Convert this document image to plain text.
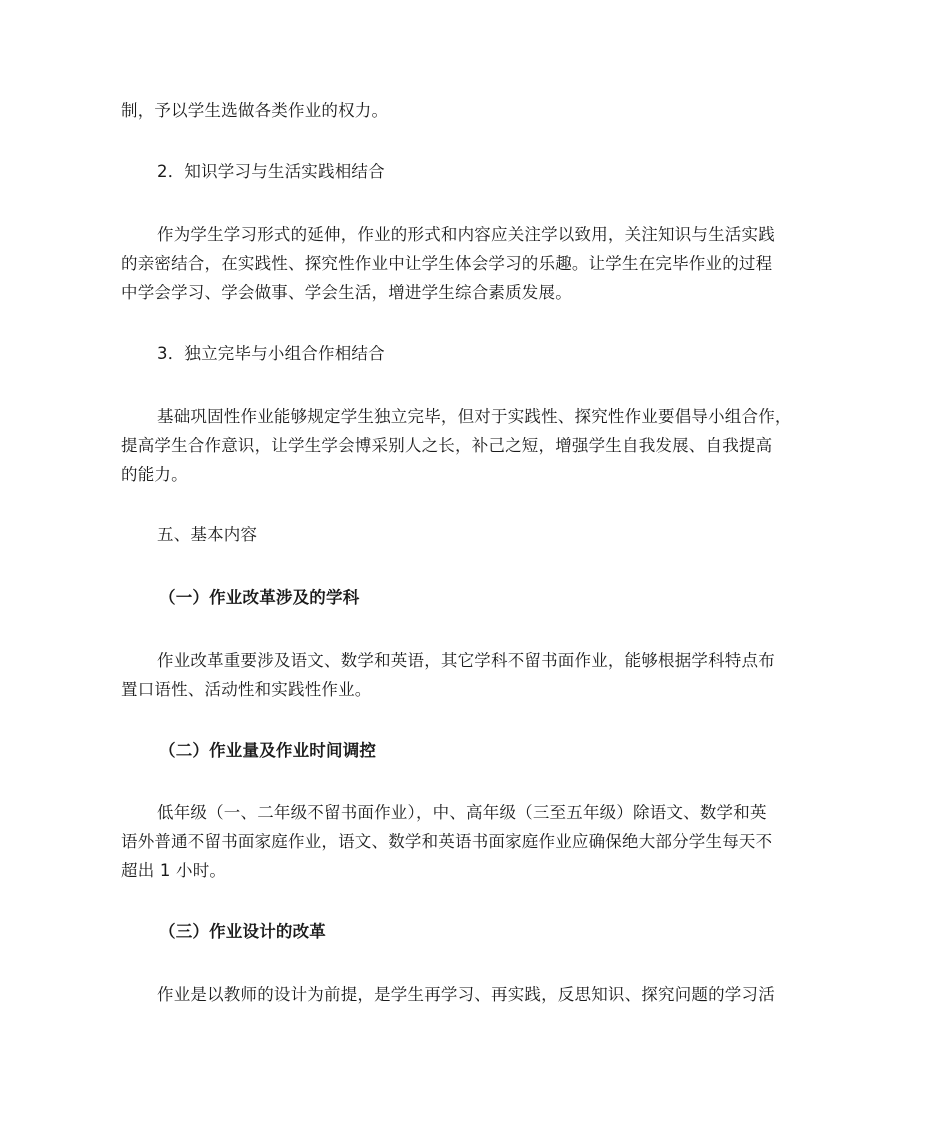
制，予以学生选做各类作业的权力。
2．知识学习与生活实践相结合
作为学生学习形式的延伸，作业的形式和内容应关注学以致用，关注知识与生活实践
的亲密结合，在实践性、探究性作业中让学生体会学习的乐趣。让学生在完毕作业的过程
中学会学习、学会做事、学会生活，增进学生综合素质发展。
3．独立完毕与小组合作相结合
基础巩固性作业能够规定学生独立完毕，但对于实践性、探究性作业要倡导小组合作，
提高学生合作意识，让学生学会博采别人之长，补己之短，增强学生自我发展、自我提高
的能力。
五、基本内容
（一）作业改革涉及的学科
作业改革重要涉及语文、数学和英语，其它学科不留书面作业，能够根据学科特点布
置口语性、活动性和实践性作业。
（二）作业量及作业时间调控
低年级（一、二年级不留书面作业），中、高年级（三至五年级）除语文、数学和英
语外普通不留书面家庭作业，语文、数学和英语书面家庭作业应确保绝大部分学生每天不
超出 1 小时。
（三）作业设计的改革
作业是以教师的设计为前提，是学生再学习、再实践，反思知识、探究问题的学习活
